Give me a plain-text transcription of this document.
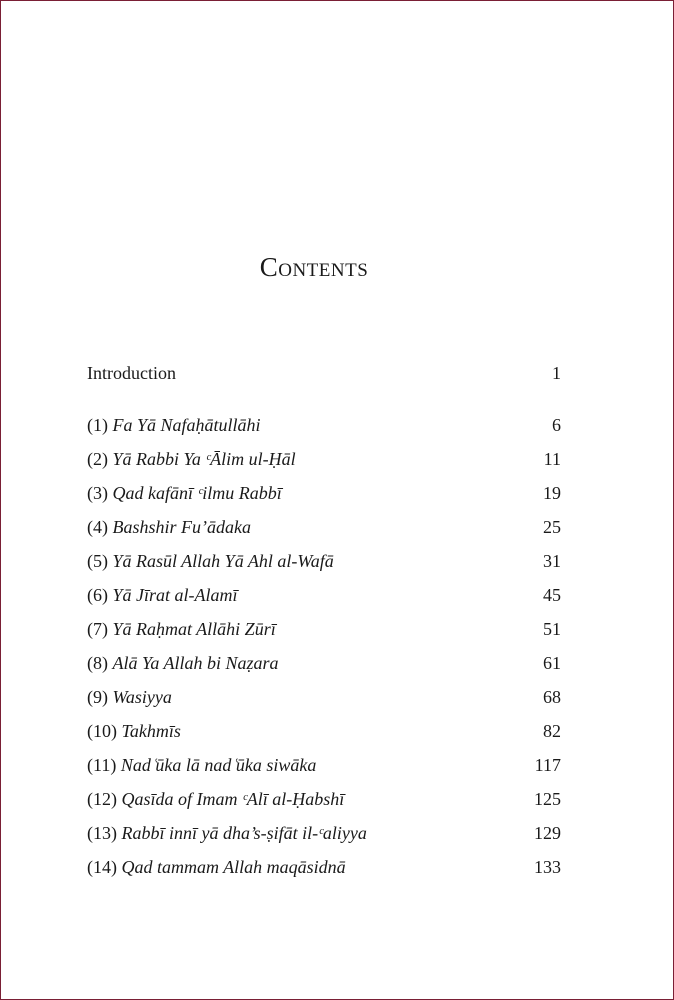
Contents
Introduction	1
(1) Fa Yā Nafaḥātullāhi	6
(2) Yā Rabbi Ya ᶜĀlim ul-Ḥāl	11
(3) Qad kafānī ᶜilmu Rabbī	19
(4) Bashshir Fu’ādaka	25
(5) Yā Rasūl Allah Yā Ahl al-Wafā	31
(6) Yā Jīrat al-Alamī	45
(7) Yā Raḥmat Allāhi Zūrī	51
(8) Alā Ya Allah bi Naẓara	61
(9) Wasiyya	68
(10) Takhmīs	82
(11) Nad ͑ūka lā nad ͑ūka siwāka	117
(12) Qasīda of Imam ᶜAlī al-Ḥabshī	125
(13) Rabbī innī yā dha’s-ṣifāt il-ᶜaliyya	129
(14) Qad tammam Allah maqāsidnā	133
